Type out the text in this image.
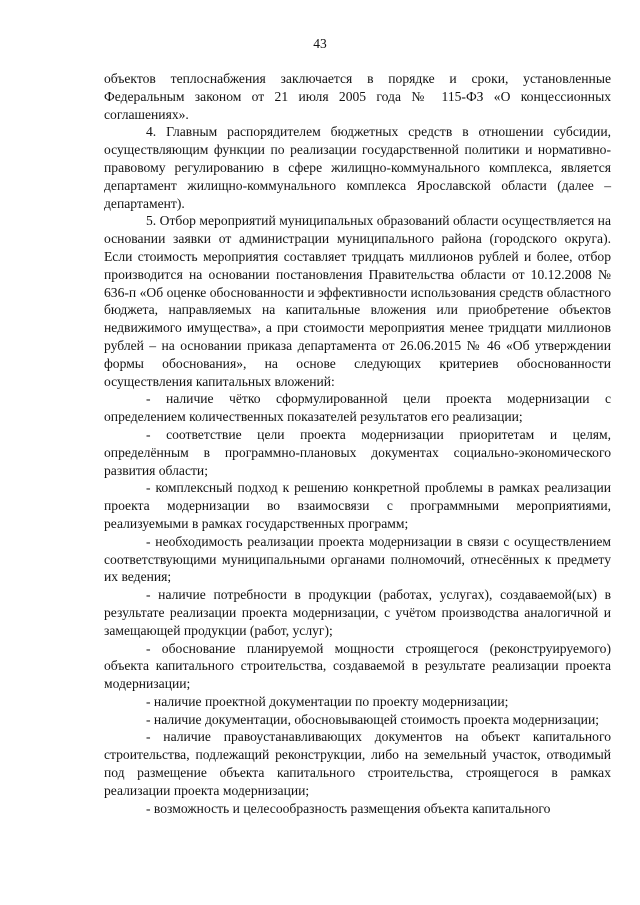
43

объектов теплоснабжения заключается в порядке и сроки, установленные Федеральным законом от 21 июля 2005 года № 115-ФЗ «О концессионных соглашениях».

4. Главным распорядителем бюджетных средств в отношении субсидии, осуществляющим функции по реализации государственной политики и нормативно-правовому регулированию в сфере жилищно-коммунального комплекса, является департамент жилищно-коммунального комплекса Ярославской области (далее – департамент).

5. Отбор мероприятий муниципальных образований области осуществляется на основании заявки от администрации муниципального района (городского округа). Если стоимость мероприятия составляет тридцать миллионов рублей и более, отбор производится на основании постановления Правительства области от 10.12.2008 № 636-п «Об оценке обоснованности и эффективности использования средств областного бюджета, направляемых на капитальные вложения или приобретение объектов недвижимого имущества», а при стоимости мероприятия менее тридцати миллионов рублей – на основании приказа департамента от 26.06.2015 № 46 «Об утверждении формы обоснования», на основе следующих критериев обоснованности осуществления капитальных вложений:

- наличие чётко сформулированной цели проекта модернизации с определением количественных показателей результатов его реализации;

- соответствие цели проекта модернизации приоритетам и целям, определённым в программно-плановых документах социально-экономического развития области;

- комплексный подход к решению конкретной проблемы в рамках реализации проекта модернизации во взаимосвязи с программными мероприятиями, реализуемыми в рамках государственных программ;

- необходимость реализации проекта модернизации в связи с осуществлением соответствующими муниципальными органами полномочий, отнесённых к предмету их ведения;

- наличие потребности в продукции (работах, услугах), создаваемой(ых) в результате реализации проекта модернизации, с учётом производства аналогичной и замещающей продукции (работ, услуг);

- обоснование планируемой мощности строящегося (реконструируемого) объекта капитального строительства, создаваемой в результате реализации проекта модернизации;

- наличие проектной документации по проекту модернизации;

- наличие документации, обосновывающей стоимость проекта модернизации;

- наличие правоустанавливающих документов на объект капитального строительства, подлежащий реконструкции, либо на земельный участок, отводимый под размещение объекта капитального строительства, строящегося в рамках реализации проекта модернизации;

- возможность и целесообразность размещения объекта капитального
